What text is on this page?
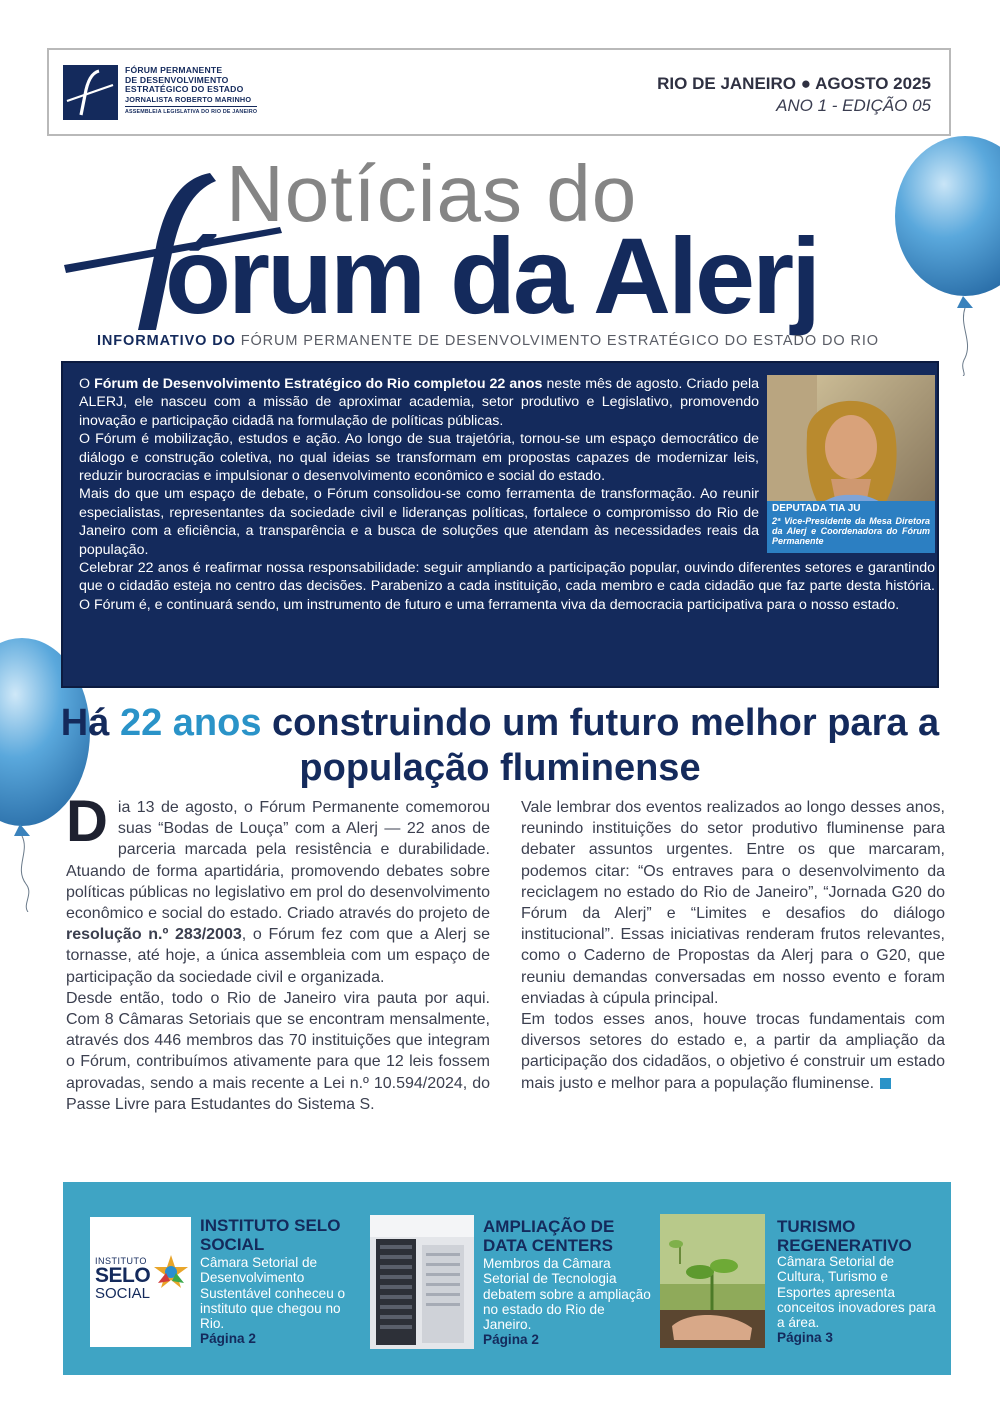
FÓRUM PERMANENTE
DE DESENVOLVIMENTO
ESTRATÉGICO DO ESTADO
JORNALISTA ROBERTO MARINHO
ASSEMBLEIA LEGISLATIVA DO RIO DE JANEIRO
RIO DE JANEIRO ● AGOSTO 2025
ANO 1 - EDIÇÃO 05
Notícias do
órum da Alerj
INFORMATIVO DO FÓRUM PERMANENTE DE DESENVOLVIMENTO ESTRATÉGICO DO ESTADO DO RIO
DEPUTADA TIA JU
2ª Vice-Presidente da Mesa Diretora da Alerj e Coordenadora do Fórum Permanente

O Fórum de Desenvolvimento Estratégico do Rio completou 22 anos neste mês de agosto. Criado pela ALERJ, ele nasceu com a missão de aproximar academia, setor produtivo e Legislativo, promovendo inovação e participação cidadã na formulação de políticas públicas.

O Fórum é mobilização, estudos e ação. Ao longo de sua trajetória, tornou-se um espaço democrático de diálogo e construção coletiva, no qual ideias se transformam em propostas capazes de modernizar leis, reduzir burocracias e impulsionar o desenvolvimento econômico e social do estado.

Mais do que um espaço de debate, o Fórum consolidou-se como ferramenta de transformação. Ao reunir especialistas, representantes da sociedade civil e lideranças políticas, fortalece o compromisso do Rio de Janeiro com a eficiência, a transparência e a busca de soluções que atendam às necessidades reais da população.

Celebrar 22 anos é reafirmar nossa responsabilidade: seguir ampliando a participação popular, ouvindo diferentes setores e garantindo que o cidadão esteja no centro das decisões. Parabenizo a cada instituição, cada membro e cada cidadão que faz parte desta história. O Fórum é, e continuará sendo, um instrumento de futuro e uma ferramenta viva da democracia participativa para o nosso estado.

Há 22 anos construindo um futuro melhor para a população fluminense

Dia 13 de agosto, o Fórum Permanente comemorou suas “Bodas de Louça” com a Alerj — 22 anos de parceria marcada pela resistência e durabilidade. Atuando de forma apartidária, promovendo debates sobre políticas públicas no legislativo em prol do desenvolvimento econômico e social do estado. Criado através do projeto de resolução n.º 283/2003, o Fórum fez com que a Alerj se tornasse, até hoje, a única assembleia com um espaço de participação da sociedade civil e organizada.

Desde então, todo o Rio de Janeiro vira pauta por aqui. Com 8 Câmaras Setoriais que se encontram mensalmente, através dos 446 membros das 70 instituições que integram o Fórum, contribuímos ativamente para que 12 leis fossem aprovadas, sendo a mais recente a Lei n.º 10.594/2024, do Passe Livre para Estudantes do Sistema S.

Vale lembrar dos eventos realizados ao longo desses anos, reunindo instituições do setor produtivo fluminense para debater assuntos urgentes. Entre os que marcaram, podemos citar: “Os entraves para o desenvolvimento da reciclagem no estado do Rio de Janeiro”, “Jornada G20 do Fórum da Alerj” e “Limites e desafios do diálogo institucional”. Essas iniciativas renderam frutos relevantes, como o Caderno de Propostas da Alerj para o G20, que reuniu demandas conversadas em nosso evento e foram enviadas à cúpula principal.

Em todos esses anos, houve trocas fundamentais com diversos setores do estado e, a partir da ampliação da participação dos cidadãos, o objetivo é construir um estado mais justo e melhor para a população fluminense.

INSTITUTO
SELO
SOCIAL
INSTITUTO SELO SOCIAL
Câmara Setorial de Desenvolvimento Sustentável conheceu o instituto que chegou no Rio.
Página 2
AMPLIAÇÃO DE DATA CENTERS
Membros da Câmara Setorial de Tecnologia debatem sobre a ampliação no estado do Rio de Janeiro.
Página 2
TURISMO REGENERATIVO
Câmara Setorial de Cultura, Turismo e Esportes apresenta conceitos inovadores para a área.
Página 3
